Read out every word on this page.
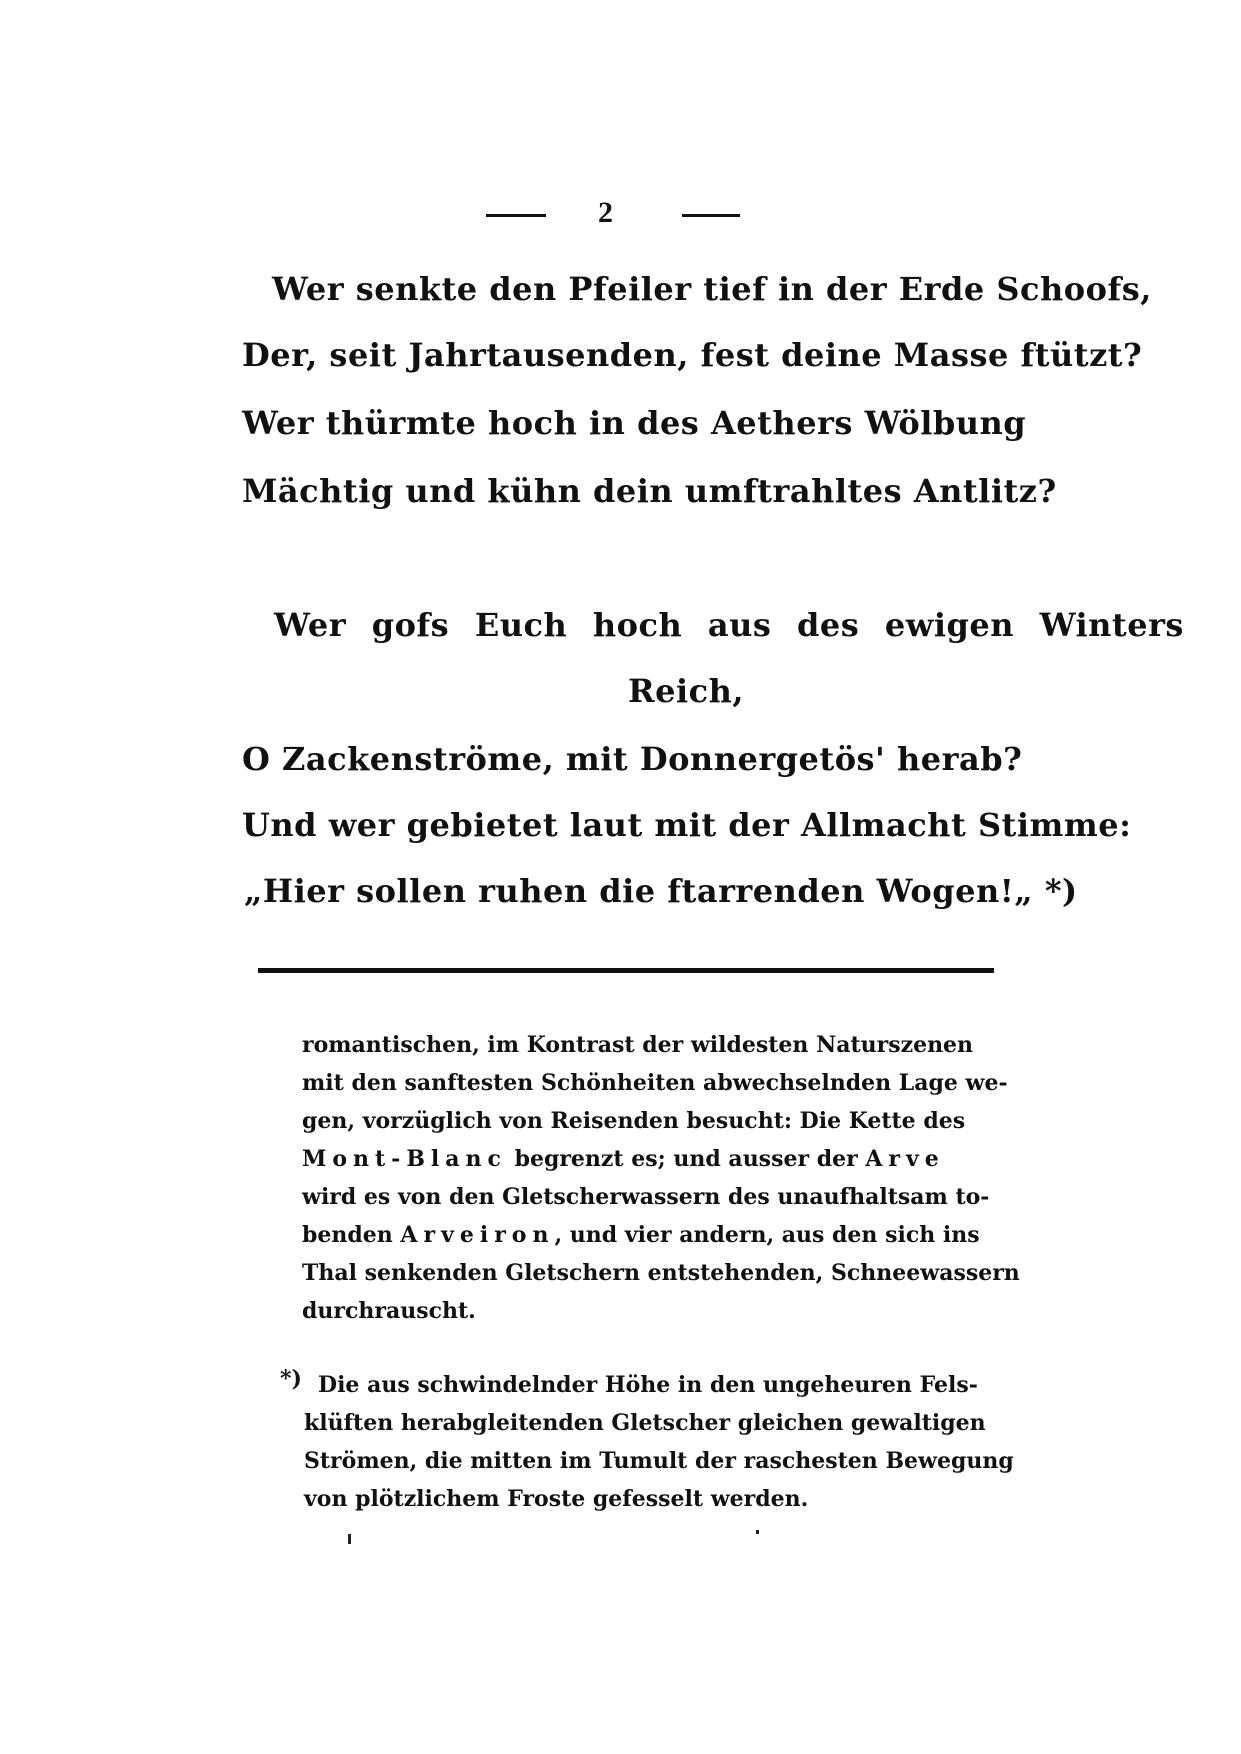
2
Wer senkte den Pfeiler tief in der Erde Schoofs,
Der, seit Jahrtausenden, fest deine Masse ftützt?
Wer thürmte hoch in des Aethers Wölbung
Mächtig und kühn dein umftrahltes Antlitz?
Wer gofs Euch hoch aus des ewigen Winters
Reich,
O Zackenströme, mit Donnergetös' herab?
Und wer gebietet laut mit der Allmacht Stimme:
„Hier sollen ruhen die ftarrenden Wogen!„ *)

romantischen, im Kontrast der wildesten Naturszenen

mit den sanftesten Schönheiten abwechselnden Lage we-

gen, vorzüglich von Reisenden besucht: Die Kette des

Mont-Blanc begrenzt es; und ausser der Arve

wird es von den Gletscherwassern des unaufhaltsam to-

benden Arveiron, und vier andern, aus den sich ins

Thal senkenden Gletschern entstehenden, Schneewassern

durchrauscht.

*) Die aus schwindelnder Höhe in den ungeheuren Fels-

klüften herabgleitenden Gletscher gleichen gewaltigen

Strömen, die mitten im Tumult der raschesten Bewegung

von plötzlichem Froste gefesselt werden.
